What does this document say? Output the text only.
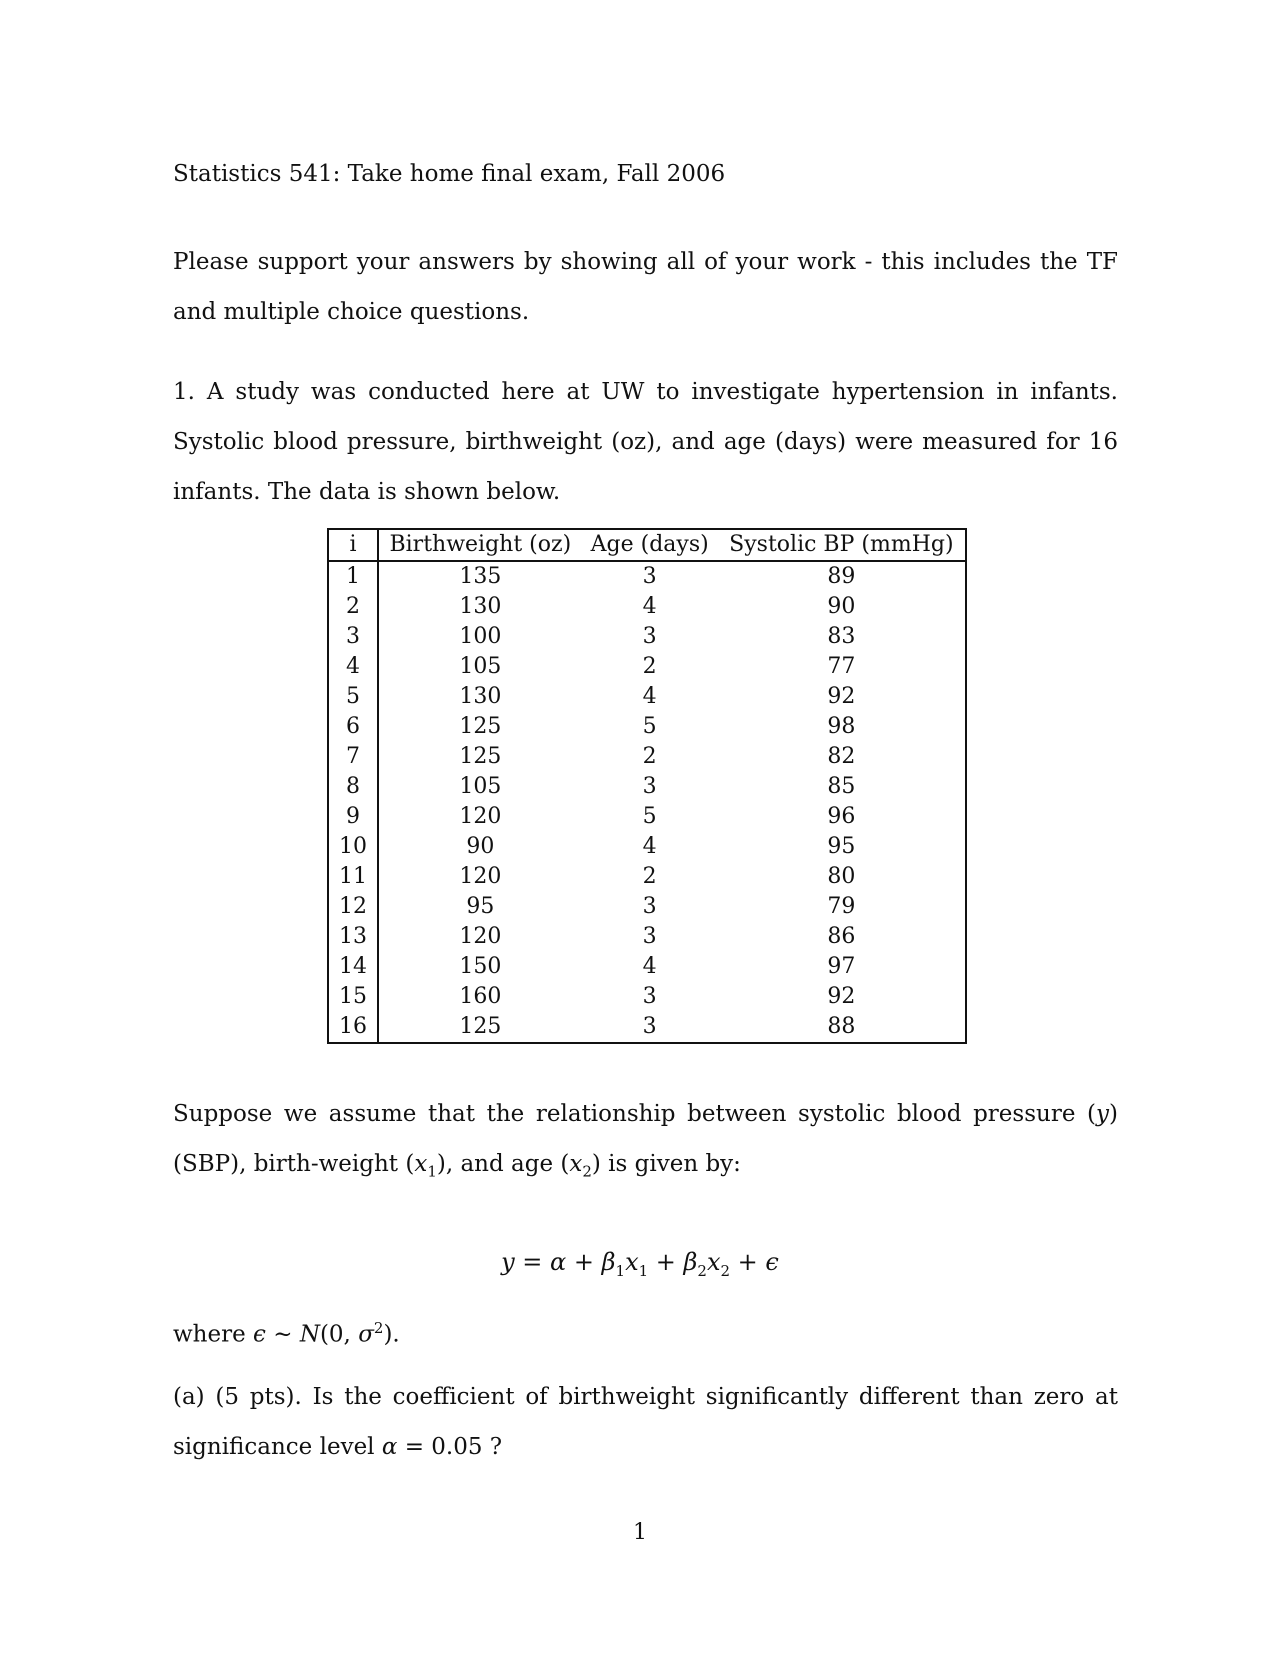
Statistics 541: Take home final exam, Fall 2006
Please support your answers by showing all of your work - this includes the TF and multiple choice questions.
1. A study was conducted here at UW to investigate hypertension in infants. Systolic blood pressure, birthweight (oz), and age (days) were measured for 16 infants. The data is shown below.
i	Birthweight (oz)	Age (days)	Systolic BP (mmHg)
1	135	3	89
2	130	4	90
3	100	3	83
4	105	2	77
5	130	4	92
6	125	5	98
7	125	2	82
8	105	3	85
9	120	5	96
10	90	4	95
11	120	2	80
12	95	3	79
13	120	3	86
14	150	4	97
15	160	3	92
16	125	3	88
Suppose we assume that the relationship between systolic blood pressure (y) (SBP), birth-weight $(x_1)$, and age $(x_2)$ is given by:
$y = \alpha + \beta_1x_1 + \beta_2x_2 + \epsilon$
where ϵ ∼ N(0, $\sigma^2$).
(a) (5 pts). Is the coefficient of birthweight significantly different than zero at significance level α = 0.05 ?
1
